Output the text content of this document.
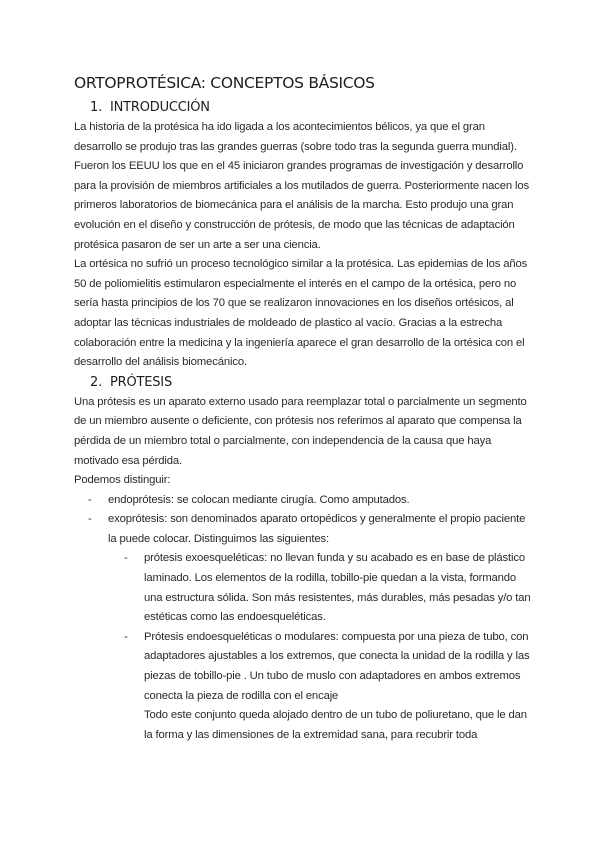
ORTOPROTÉSICA: CONCEPTOS BÁSICOS
1. INTRODUCCIÓN

La historia de la protésica ha ido ligada a los acontecimientos bélicos, ya que el gran desarrollo se produjo tras las grandes guerras (sobre todo tras la segunda guerra mundial). Fueron los EEUU los que en el 45 iniciaron grandes programas de investigación y desarrollo para la provisión de miembros artificiales a los mutilados de guerra. Posteriormente nacen los primeros laboratorios de biomecánica para el análisis de la marcha. Esto produjo una gran evolución en el diseño y construcción de prótesis, de modo que las técnicas de adaptación protésica pasaron de ser un arte a ser una ciencia.

La ortésica no sufrió un proceso tecnológico similar a la protésica. Las epidemias de los años 50 de poliomielitis estimularon especialmente el interés en el campo de la ortésica, pero no sería hasta principios de los 70 que se realizaron innovaciones en los diseños ortésicos, al adoptar las técnicas industriales de moldeado de plastico al vacío. Gracias a la estrecha colaboración entre la medicina y la ingeniería aparece el gran desarrollo de la ortésica con el desarrollo del análisis biomecánico.

2. PRÓTESIS

Una prótesis es un aparato externo usado para reemplazar total o parcialmente un segmento de un miembro ausente o deficiente, con prótesis nos referimos al aparato que compensa la pérdida de un miembro total o parcialmente, con independencia de la causa que haya motivado esa pérdida.

Podemos distinguir:

- endoprótesis: se colocan mediante cirugía. Como amputados.
- exoprótesis: son denominados aparato ortopédicos y generalmente el propio paciente la puede colocar. Distinguimos las siguientes:
- prótesis exoesqueléticas: no llevan funda y su acabado es en base de plástico laminado. Los elementos de la rodilla, tobillo-pie quedan a la vista, formando una estructura sólida. Son más resistentes, más durables, más pesadas y/o tan estéticas como las endoesqueléticas.
- Prótesis endoesqueléticas o modulares: compuesta por una pieza de tubo, con adaptadores ajustables a los extremos, que conecta la unidad de la rodilla y las piezas de tobillo-pie . Un tubo de muslo con adaptadores en ambos extremos conecta la pieza de rodilla con el encaje
Todo este conjunto queda alojado dentro de un tubo de poliuretano, que le dan la forma y las dimensiones de la extremidad sana, para recubrir toda
